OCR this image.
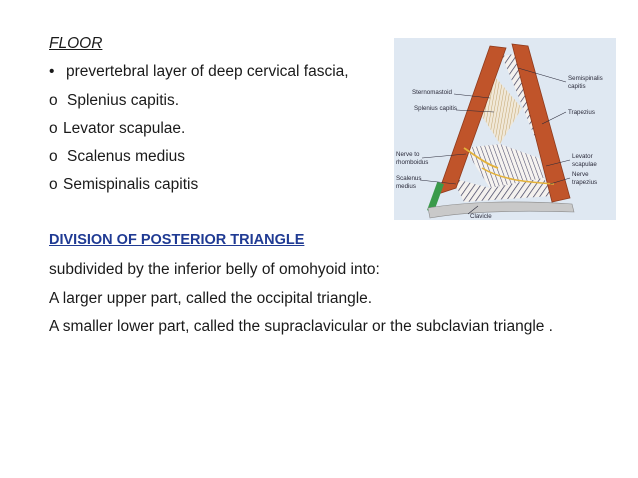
FLOOR
• prevertebral layer of deep cervical fascia,
o Splenius capitis.
o Levator scapulae.
o Scalenus medius
o Semispinalis capitis
DIVISION OF POSTERIOR TRIANGLE
subdivided by the inferior belly of omohyoid into:
A larger upper part, called the occipital triangle.
A smaller lower part, called the supraclavicular or the subclavian triangle .
Sternomastoid
Splenius capitis
Semispinalis
capitis
Trapezius
Nerve to
rhomboidus
Levator
scapulae
Scalenus
medius
Nerve
trapezius
Clavicle
